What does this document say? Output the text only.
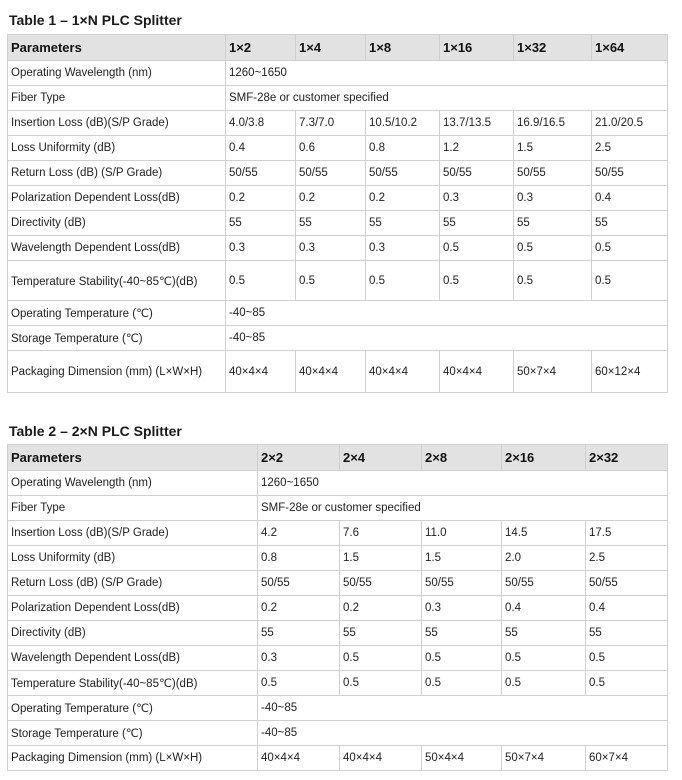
Table 1 – 1×N PLC Splitter
Parameters	1×2	1×4	1×8	1×16	1×32	1×64
Operating Wavelength (nm)	1260~1650					
Fiber Type	SMF-28e or customer specified					
Insertion Loss (dB)(S/P Grade)	4.0/3.8	7.3/7.0	10.5/10.2	13.7/13.5	16.9/16.5	21.0/20.5
Loss Uniformity (dB)	0.4	0.6	0.8	1.2	1.5	2.5
Return Loss (dB) (S/P Grade)	50/55	50/55	50/55	50/55	50/55	50/55
Polarization Dependent Loss(dB)	0.2	0.2	0.2	0.3	0.3	0.4
Directivity (dB)	55	55	55	55	55	55
Wavelength Dependent Loss(dB)	0.3	0.3	0.3	0.5	0.5	0.5
Temperature Stability(-40~85℃)(dB)	0.5	0.5	0.5	0.5	0.5	0.5
Operating Temperature (℃)	-40~85					
Storage Temperature (℃)	-40~85					
Packaging Dimension (mm) (L×W×H)	40×4×4	40×4×4	40×4×4	40×4×4	50×7×4	60×12×4
Table 2 – 2×N PLC Splitter
Parameters	2×2	2×4	2×8	2×16	2×32
Operating Wavelength (nm)	1260~1650				
Fiber Type	SMF-28e or customer specified				
Insertion Loss (dB)(S/P Grade)	4.2	7.6	11.0	14.5	17.5
Loss Uniformity (dB)	0.8	1.5	1.5	2.0	2.5
Return Loss (dB) (S/P Grade)	50/55	50/55	50/55	50/55	50/55
Polarization Dependent Loss(dB)	0.2	0.2	0.3	0.4	0.4
Directivity (dB)	55	55	55	55	55
Wavelength Dependent Loss(dB)	0.3	0.5	0.5	0.5	0.5
Temperature Stability(-40~85℃)(dB)	0.5	0.5	0.5	0.5	0.5
Operating Temperature (℃)	-40~85				
Storage Temperature (℃)	-40~85				
Packaging Dimension (mm) (L×W×H)	40×4×4	40×4×4	50×4×4	50×7×4	60×7×4
